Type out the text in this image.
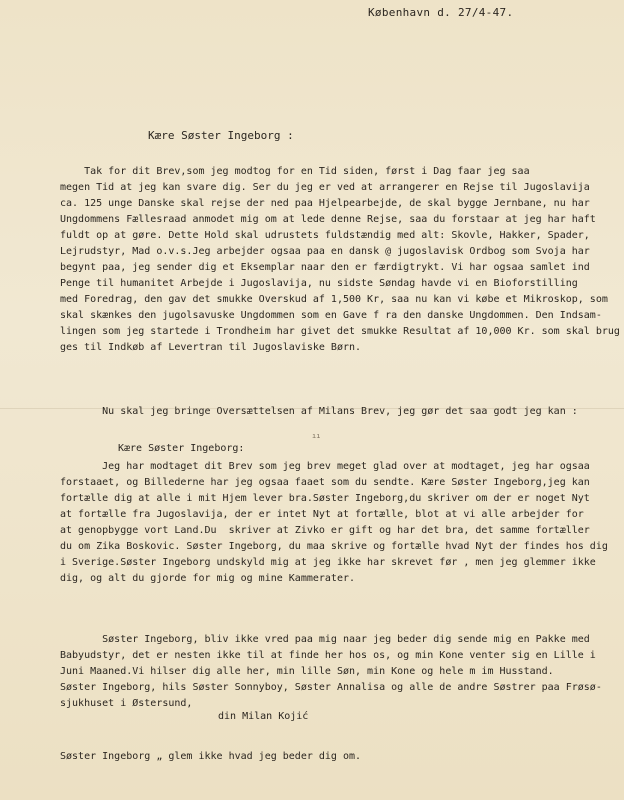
København d. 27/4-47.
Kære Søster Ingeborg :
Tak for dit Brev,som jeg modtog for en Tid siden, først i Dag faar jeg saa
megen Tid at jeg kan svare dig. Ser du jeg er ved at arrangerer en Rejse til Jugoslavija
ca. 125 unge Danske skal rejse der ned paa Hjelpearbejde, de skal bygge Jernbane, nu har
Ungdommens Fællesraad anmodet mig om at lede denne Rejse, saa du forstaar at jeg har haft
fuldt op at gøre. Dette Hold skal udrustets fuldstændig med alt: Skovle, Hakker, Spader,
Lejrudstyr, Mad o.v.s.Jeg arbejder ogsaa paa en dansk @ jugoslavisk Ordbog som Svoja har
begynt paa, jeg sender dig et Eksemplar naar den er færdigtrykt. Vi har ogsaa samlet ind
Penge til humanitet Arbejde i Jugoslavija, nu sidste Søndag havde vi en Bioforstilling
med Foredrag, den gav det smukke Overskud af 1,500 Kr, saa nu kan vi købe et Mikroskop, som
skal skænkes den jugolsavuske Ungdommen som en Gave f ra den danske Ungdommen. Den Indsam-
lingen som jeg startede i Trondheim har givet det smukke Resultat af 10,000 Kr. som skal brug
ges til Indkøb af Levertran til Jugoslaviske Børn.
Nu skal jeg bringe Oversættelsen af Milans Brev, jeg gør det saa godt jeg kan :
ıı
Kære Søster Ingeborg:
Jeg har modtaget dit Brev som jeg brev meget glad over at modtaget, jeg har ogsaa
forstaaet, og Billederne har jeg ogsaa faaet som du sendte. Kære Søster Ingeborg,jeg kan
fortælle dig at alle i mit Hjem lever bra.Søster Ingeborg,du skriver om der er noget Nyt
at fortælle fra Jugoslavija, der er intet Nyt at fortælle, blot at vi alle arbejder for
at genopbygge vort Land.Du  skriver at Zivko er gift og har det bra, det samme fortæller
du om Zika Boskovic. Søster Ingeborg, du maa skrive og fortælle hvad Nyt der findes hos dig
i Sverige.Søster Ingeborg undskyld mig at jeg ikke har skrevet før , men jeg glemmer ikke
dig, og alt du gjorde for mig og mine Kammerater.
Søster Ingeborg, bliv ikke vred paa mig naar jeg beder dig sende mig en Pakke med
Babyudstyr, det er nesten ikke til at finde her hos os, og min Kone venter sig en Lille i
Juni Maaned.Vi hilser dig alle her, min lille Søn, min Kone og hele m im Husstand.
Søster Ingeborg, hils Søster Sonnyboy, Søster Annalisa og alle de andre Søstrer paa Frøsø-
sjukhuset i Østersund,
din Milan Kojić
Søster Ingeborg „ glem ikke hvad jeg beder dig om.
